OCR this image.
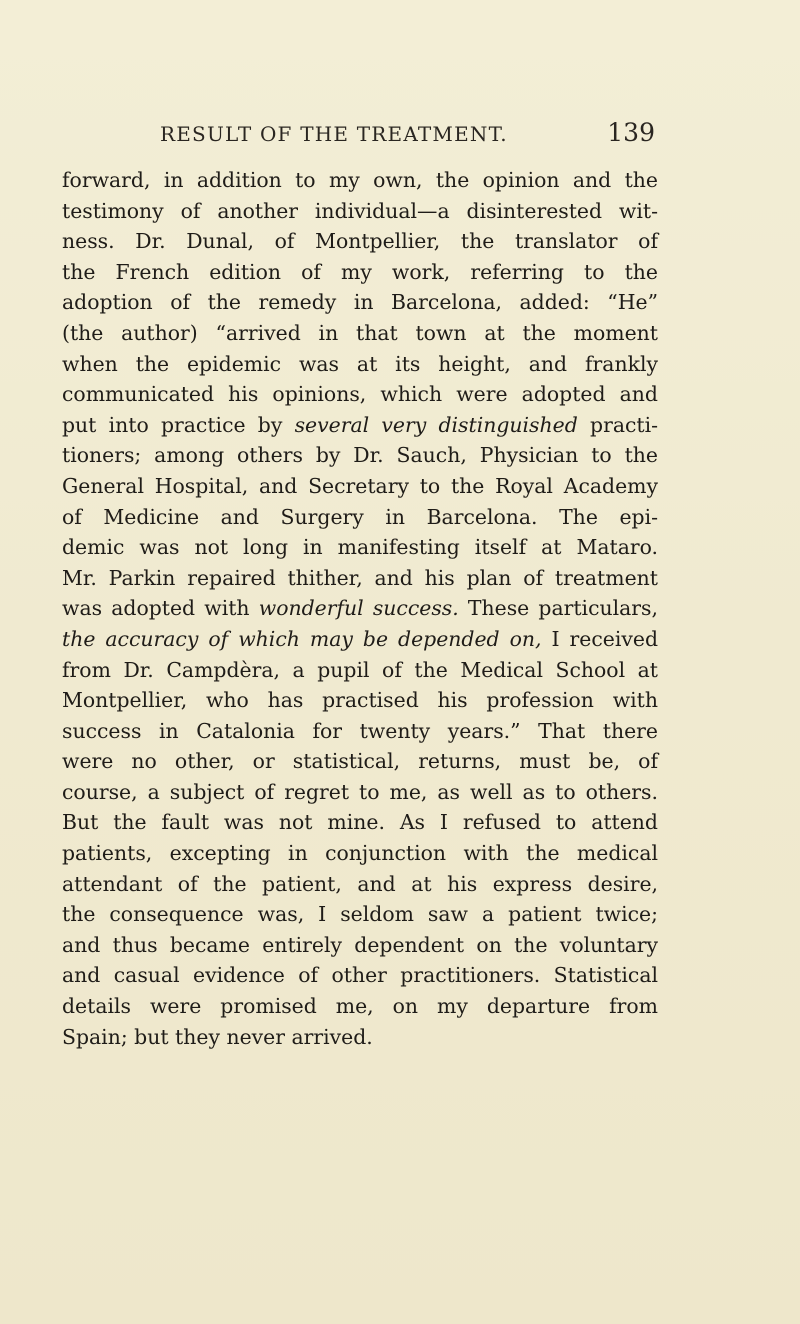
RESULT OF THE TREATMENT.	139
forward, in addition to my own, the opinion and the
testimony of another individual—a disinterested wit-
ness. Dr. Dunal, of Montpellier, the translator of
the French edition of my work, referring to the
adoption of the remedy in Barcelona, added: “He”
(the author) “arrived in that town at the moment
when the epidemic was at its height, and frankly
communicated his opinions, which were adopted and
put into practice by several very distinguished practi-
tioners; among others by Dr. Sauch, Physician to the
General Hospital, and Secretary to the Royal Academy
of Medicine and Surgery in Barcelona. The epi-
demic was not long in manifesting itself at Mataro.
Mr. Parkin repaired thither, and his plan of treatment
was adopted with wonderful success. These particulars,
the accuracy of which may be depended on, I received
from Dr. Campdèra, a pupil of the Medical School at
Montpellier, who has practised his profession with
success in Catalonia for twenty years.” That there
were no other, or statistical, returns, must be, of
course, a subject of regret to me, as well as to others.
But the fault was not mine. As I refused to attend
patients, excepting in conjunction with the medical
attendant of the patient, and at his express desire,
the consequence was, I seldom saw a patient twice;
and thus became entirely dependent on the voluntary
and casual evidence of other practitioners. Statistical
details were promised me, on my departure from
Spain; but they never arrived.
